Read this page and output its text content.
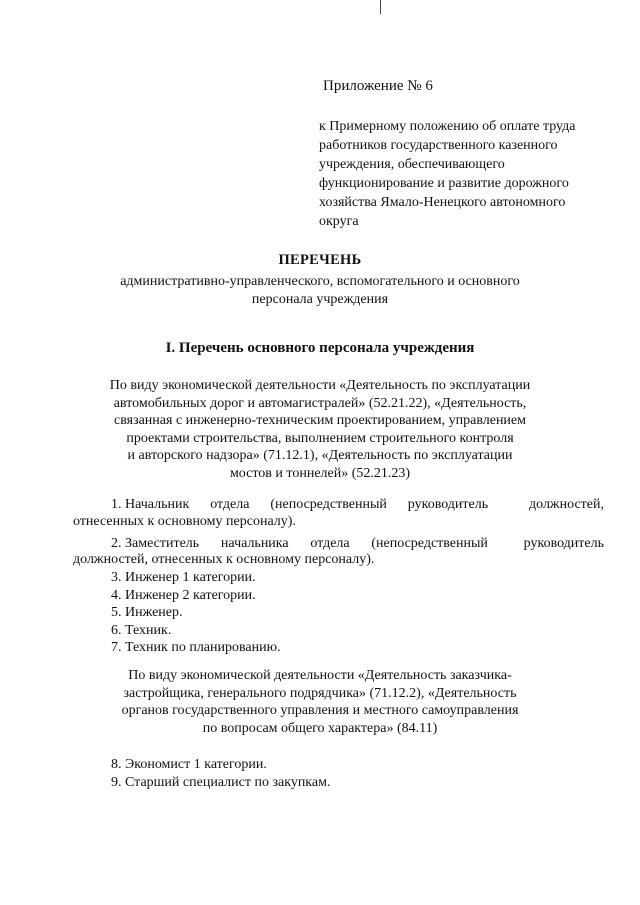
Приложение № 6
к Примерному положению об оплате труда
работников государственного казенного
учреждения, обеспечивающего
функционирование и развитие дорожного
хозяйства Ямало-Ненецкого автономного
округа
ПЕРЕЧЕНЬ
административно-управленческого, вспомогательного и основного
персонала учреждения
I. Перечень основного персонала учреждения
По виду экономической деятельности «Деятельность по эксплуатации
автомобильных дорог и автомагистралей» (52.21.22), «Деятельность,
связанная с инженерно-техническим проектированием, управлением
проектами строительства, выполнением строительного контроля
и авторского надзора» (71.12.1), «Деятельность по эксплуатации
мостов и тоннелей» (52.21.23)
1. Начальник отдела (непосредственный руководитель	должностей,
отнесенных к основному персоналу).
2. Заместитель начальника отдела (непосредственный	руководитель
должностей, отнесенных к основному персоналу).
3. Инженер 1 категории.
4. Инженер 2 категории.
5. Инженер.
6. Техник.
7. Техник по планированию.
По виду экономической деятельности «Деятельность заказчика-
застройщика, генерального подрядчика» (71.12.2), «Деятельность
органов государственного управления и местного самоуправления
по вопросам общего характера» (84.11)
8. Экономист 1 категории.
9. Старший специалист по закупкам.
